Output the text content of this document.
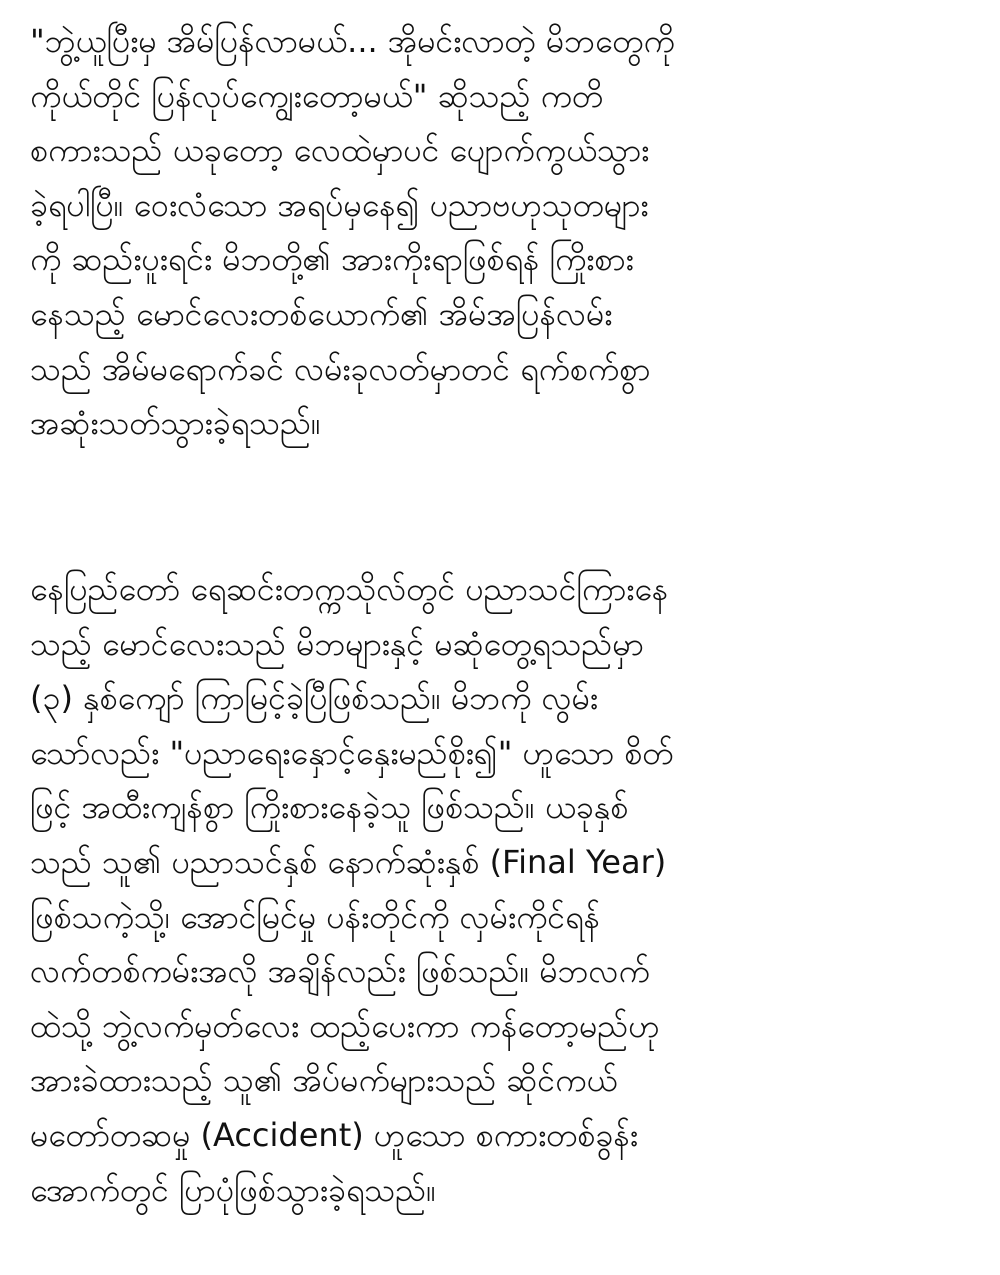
"ဘွဲ့ယူပြီးမှ အိမ်ပြန်လာမယ်... အိုမင်းလာတဲ့ မိဘတွေကို
ကိုယ်တိုင် ပြန်လုပ်ကျွေးတော့မယ်" ဆိုသည့် ကတိ
စကားသည် ယခုတော့ လေထဲမှာပင် ပျောက်ကွယ်သွား
ခဲ့ရပါပြီ။ ဝေးလံသော အရပ်မှနေ၍ ပညာဗဟုသုတများ
ကို ဆည်းပူးရင်း မိဘတို့၏ အားကိုးရာဖြစ်ရန် ကြိုးစား
နေသည့် မောင်လေးတစ်ယောက်၏ အိမ်အပြန်လမ်း
သည် အိမ်မရောက်ခင် လမ်းခုလတ်မှာတင် ရက်စက်စွာ
အဆုံးသတ်သွားခဲ့ရသည်။
နေပြည်တော် ရေဆင်းတက္ကသိုလ်တွင် ပညာသင်ကြားနေ
သည့် မောင်လေးသည် မိဘများနှင့် မဆုံတွေ့ရသည်မှာ
(၃) နှစ်ကျော် ကြာမြင့်ခဲ့ပြီဖြစ်သည်။ မိဘကို လွမ်း
သော်လည်း "ပညာရေးနှောင့်နှေးမည်စိုး၍" ဟူသော စိတ်
ဖြင့် အထီးကျန်စွာ ကြိုးစားနေခဲ့သူ ဖြစ်သည်။ ယခုနှစ်
သည် သူ၏ ပညာသင်နှစ် နောက်ဆုံးနှစ် (Final Year)
ဖြစ်သကဲ့သို့၊ အောင်မြင်မှု ပန်းတိုင်ကို လှမ်းကိုင်ရန်
လက်တစ်ကမ်းအလို အချိန်လည်း ဖြစ်သည်။ မိဘလက်
ထဲသို့ ဘွဲ့လက်မှတ်လေး ထည့်ပေးကာ ကန်တော့မည်ဟု
အားခဲထားသည့် သူ၏ အိပ်မက်များသည် ဆိုင်ကယ်
မတော်တဆမှု (Accident) ဟူသော စကားတစ်ခွန်း
အောက်တွင် ပြာပုံဖြစ်သွားခဲ့ရသည်။
